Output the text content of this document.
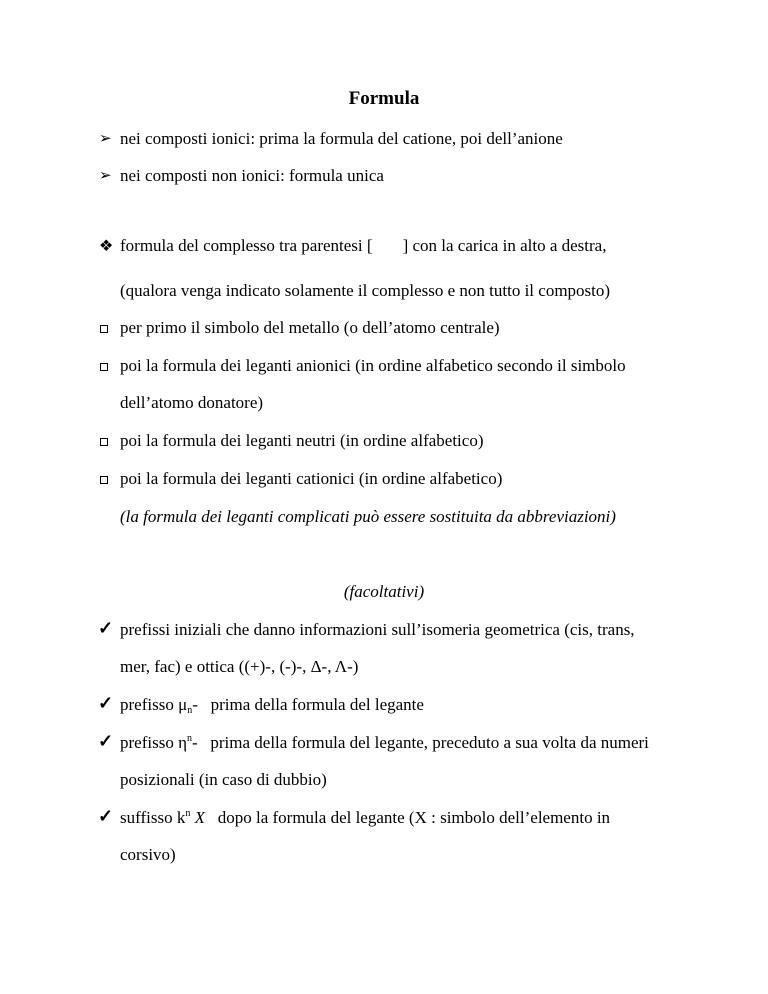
Formula
➢ nei composti ionici: prima la formula del catione, poi dell’anione
➢ nei composti non ionici: formula unica
❖ formula del complesso tra parentesi [ ] con la carica in alto a destra,
(qualora venga indicato solamente il complesso e non tutto il composto)
per primo il simbolo del metallo (o dell’atomo centrale)
poi la formula dei leganti anionici (in ordine alfabetico secondo il simbolo
dell’atomo donatore)
poi la formula dei leganti neutri (in ordine alfabetico)
poi la formula dei leganti cationici (in ordine alfabetico)
(la formula dei leganti complicati può essere sostituita da abbreviazioni)
(facoltativi)
✓ prefissi iniziali che danno informazioni sull’isomeria geometrica (cis, trans,
mer, fac) e ottica ((+)-, (-)-, Δ-, Λ-)
✓ prefisso $\mu_n-$   prima della formula del legante
✓ prefisso $\eta^n-$   prima della formula del legante, preceduto a sua volta da numeri
posizionali (in caso di dubbio)
✓ suffisso $k^n$ X   dopo la formula del legante (X : simbolo dell’elemento in
corsivo)
